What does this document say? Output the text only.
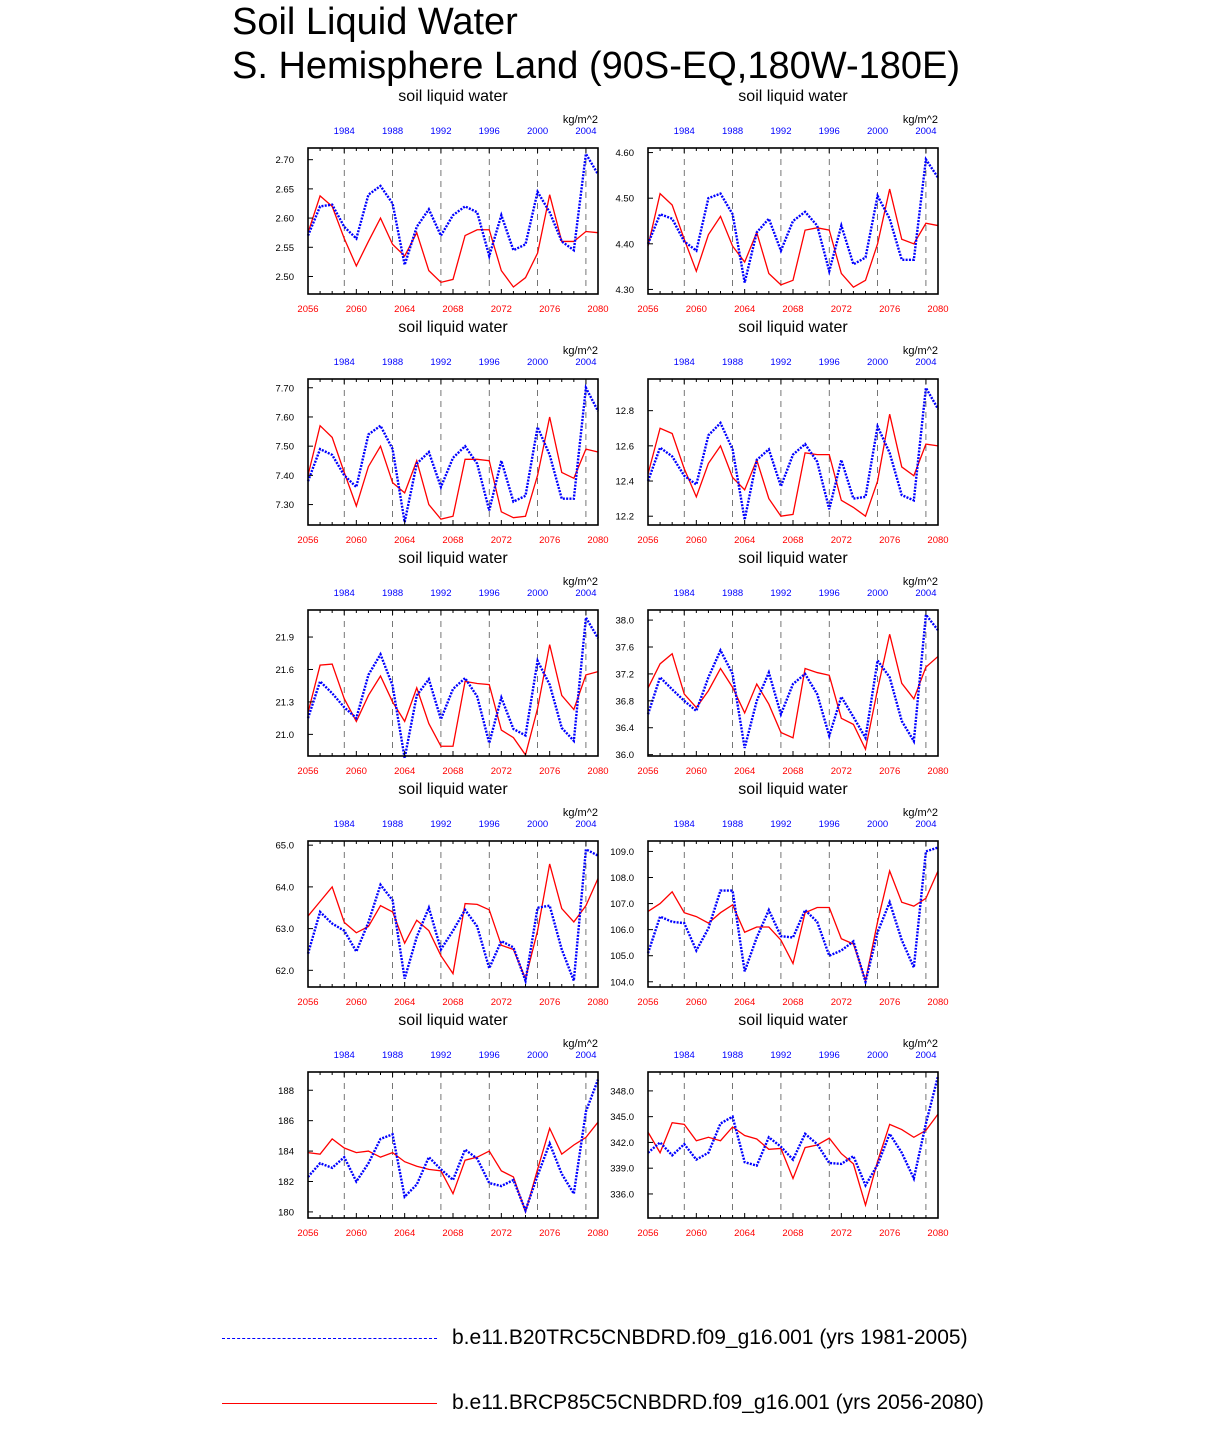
Soil Liquid Water
S. Hemisphere Land (90S-EQ,180W-180E)
soil liquid water
kg/m^2
2.50
2.55
2.60
2.65
2.70
2056	2060	2064	2068	2072	2076	2080
1984	1988	1992	1996	2000	2004
soil liquid water
kg/m^2
4.30
4.40
4.50
4.60
2056	2060	2064	2068	2072	2076	2080
1984	1988	1992	1996	2000	2004
soil liquid water
kg/m^2
7.30
7.40
7.50
7.60
7.70
2056	2060	2064	2068	2072	2076	2080
1984	1988	1992	1996	2000	2004
soil liquid water
kg/m^2
12.2
12.4
12.6
12.8
2056	2060	2064	2068	2072	2076	2080
1984	1988	1992	1996	2000	2004
soil liquid water
kg/m^2
21.0
21.3
21.6
21.9
2056	2060	2064	2068	2072	2076	2080
1984	1988	1992	1996	2000	2004
soil liquid water
kg/m^2
36.0
36.4
36.8
37.2
37.6
38.0
2056	2060	2064	2068	2072	2076	2080
1984	1988	1992	1996	2000	2004
soil liquid water
kg/m^2
62.0
63.0
64.0
65.0
2056	2060	2064	2068	2072	2076	2080
1984	1988	1992	1996	2000	2004
soil liquid water
kg/m^2
104.0
105.0
106.0
107.0
108.0
109.0
2056	2060	2064	2068	2072	2076	2080
1984	1988	1992	1996	2000	2004
soil liquid water
kg/m^2
180
182
184
186
188
2056	2060	2064	2068	2072	2076	2080
1984	1988	1992	1996	2000	2004
soil liquid water
kg/m^2
336.0
339.0
342.0
345.0
348.0
2056	2060	2064	2068	2072	2076	2080
1984	1988	1992	1996	2000	2004
b.e11.B20TRC5CNBDRD.f09_g16.001 (yrs 1981-2005)
b.e11.BRCP85C5CNBDRD.f09_g16.001 (yrs 2056-2080)
